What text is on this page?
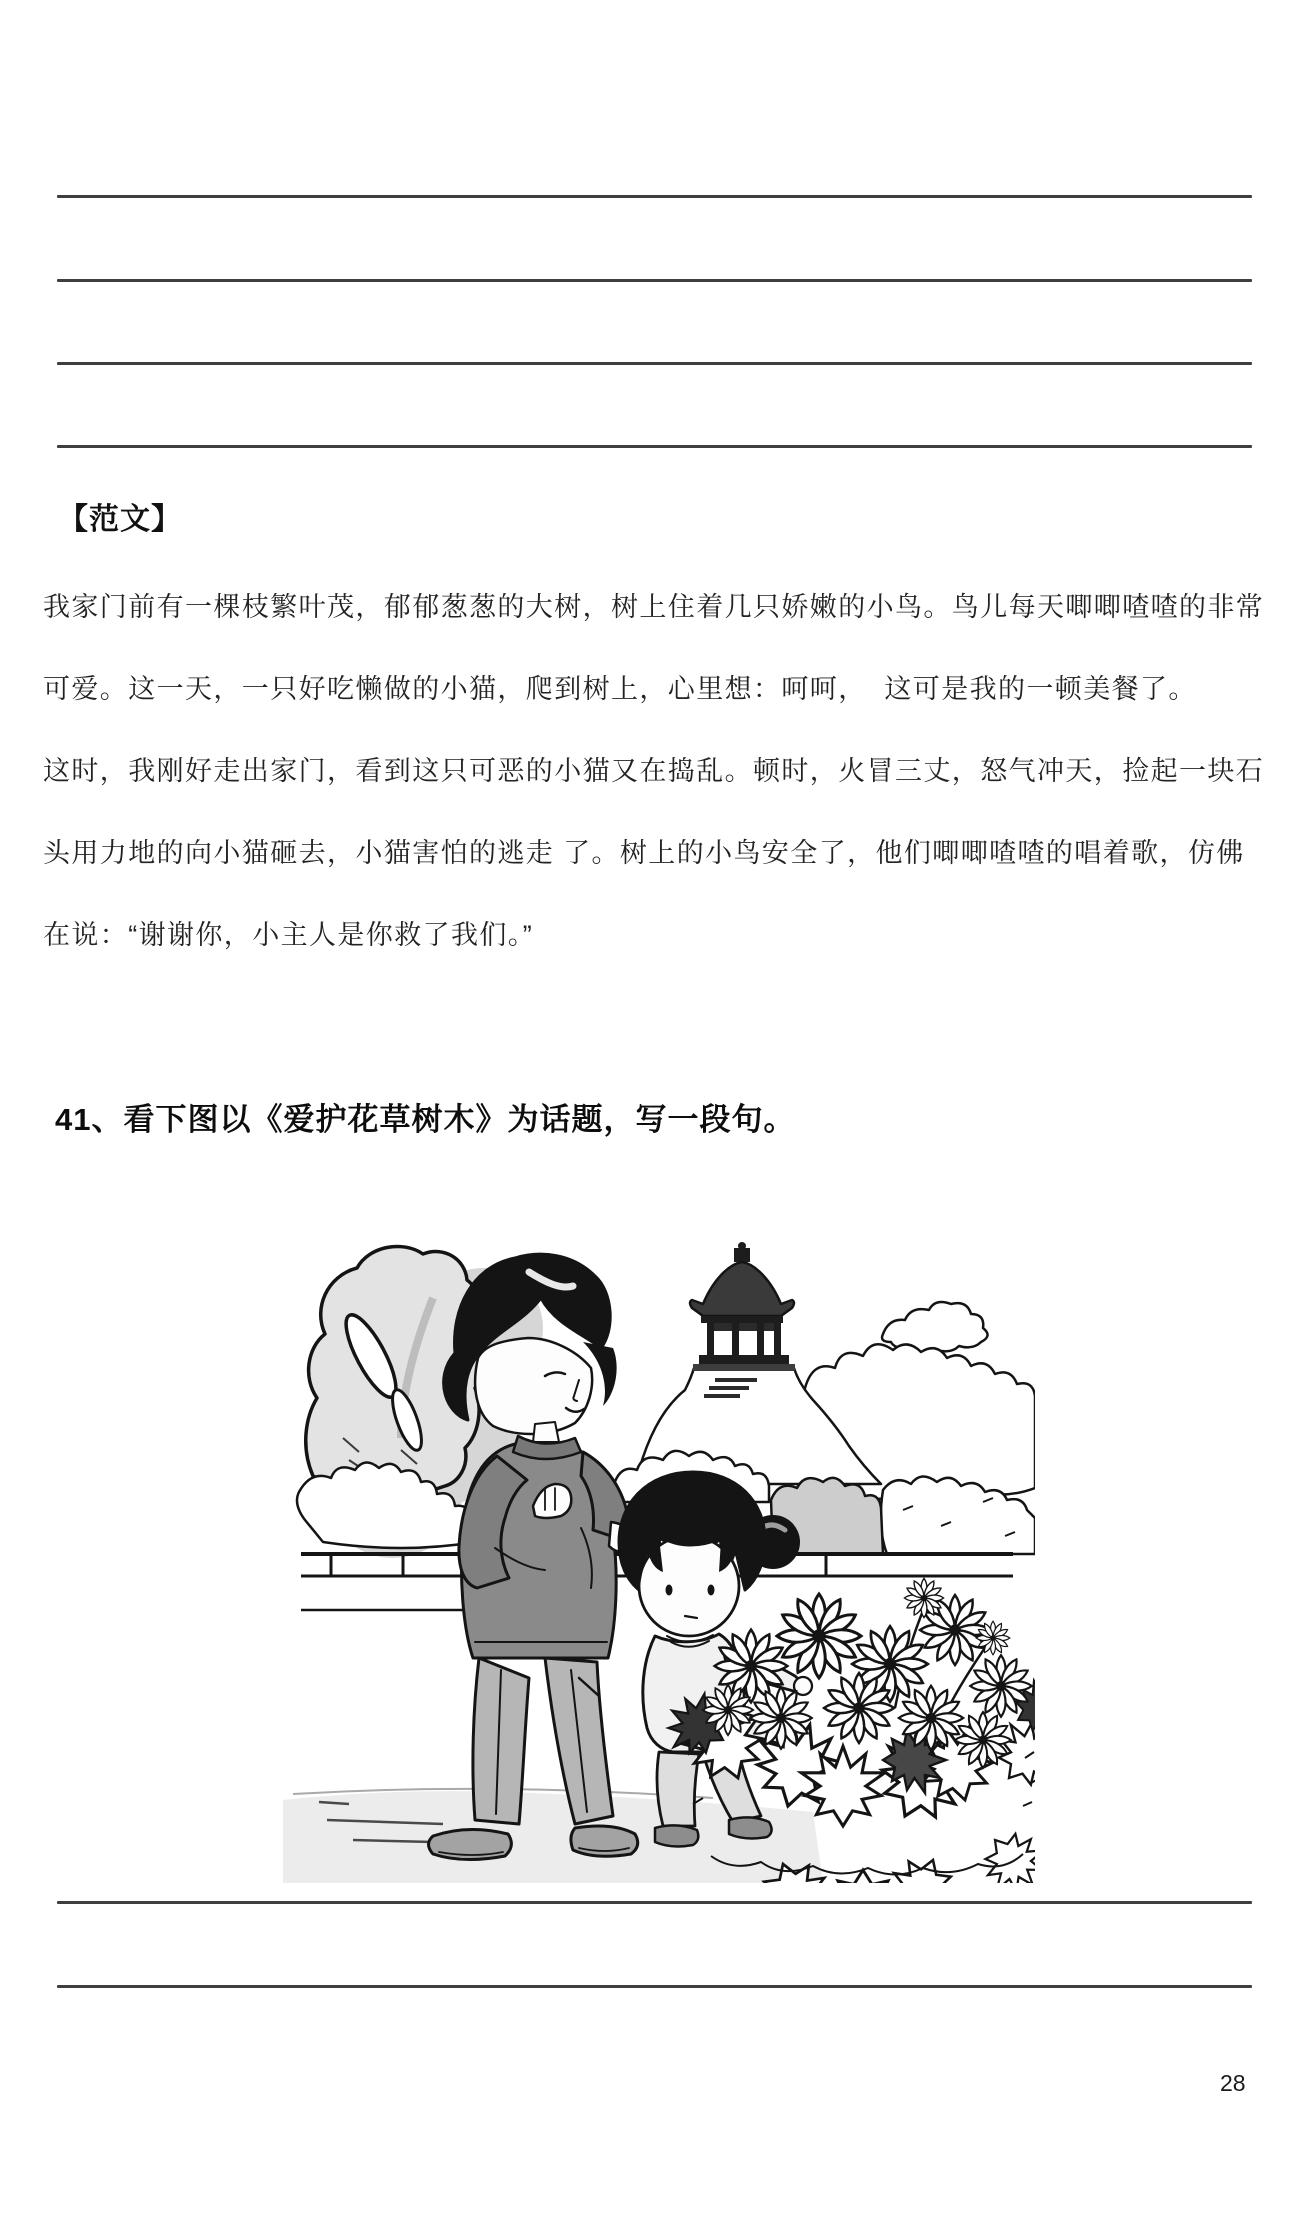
【范文】
我家门前有一棵枝繁叶茂，郁郁葱葱的大树，树上住着几只娇嫩的小鸟。鸟儿每天唧唧喳喳的非常
可爱。这一天，一只好吃懒做的小猫，爬到树上，心里想：呵呵，  这可是我的一顿美餐了。
这时，我刚好走出家门，看到这只可恶的小猫又在捣乱。顿时，火冒三丈，怒气冲天，捡起一块石
头用力地的向小猫砸去，小猫害怕的逃走 了。树上的小鸟安全了，他们唧唧喳喳的唱着歌，仿佛
在说：“谢谢你，小主人是你救了我们。”
41、看下图以《爱护花草树木》为话题，写一段句。
28
